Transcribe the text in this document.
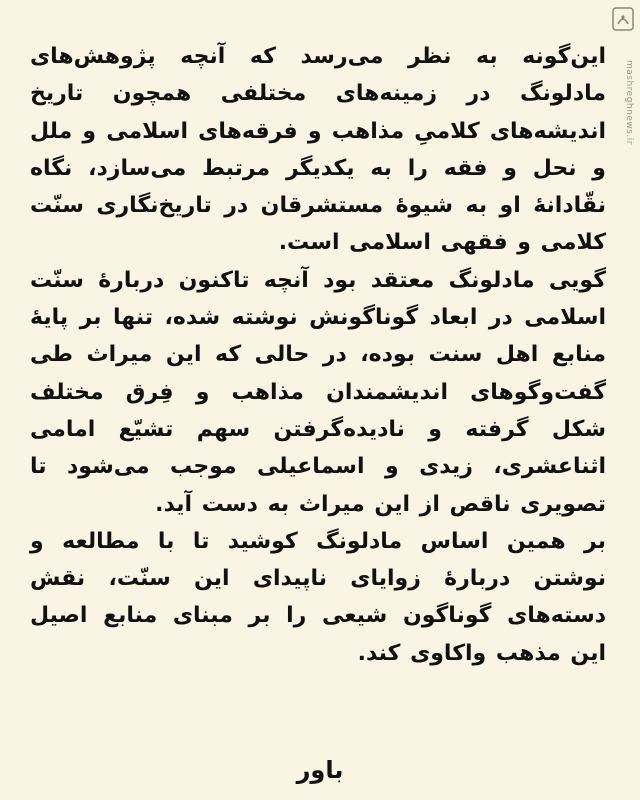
mashreghnews.ir

این‌گونه به نظر می‌رسد که آنچه پژوهش‌های مادلونگ در زمینه‌های مختلفی همچون تاریخ اندیشه‌های کلامیِ مذاهب و فرقه‌های اسلامی و ملل و نحل و فقه را به یکدیگر مرتبط می‌سازد، نگاه نقّادانهٔ او به شیوهٔ مستشرقان در تاریخ‌نگاری سنّت کلامی و فقهی اسلامی است.

گویی مادلونگ معتقد بود آنچه تاکنون دربارهٔ سنّت اسلامی در ابعاد گوناگونش نوشته شده، تنها بر پایهٔ منابع اهل سنت بوده، در حالی که این میراث طی گفت‌وگوهای اندیشمندان مذاهب و فِرق مختلف شکل گرفته و نادیده‌گرفتن سهم تشیّع امامی اثناعشری، زیدی و اسماعیلی موجب می‌شود تا تصویری ناقص از این میراث به دست آید.

بر همین اساس مادلونگ کوشید تا با مطالعه و نوشتن دربارهٔ زوایای ناپیدای این سنّت، نقش دسته‌های گوناگون شیعی را بر مبنای منابع اصیل این مذهب واکاوی کند.

باور
